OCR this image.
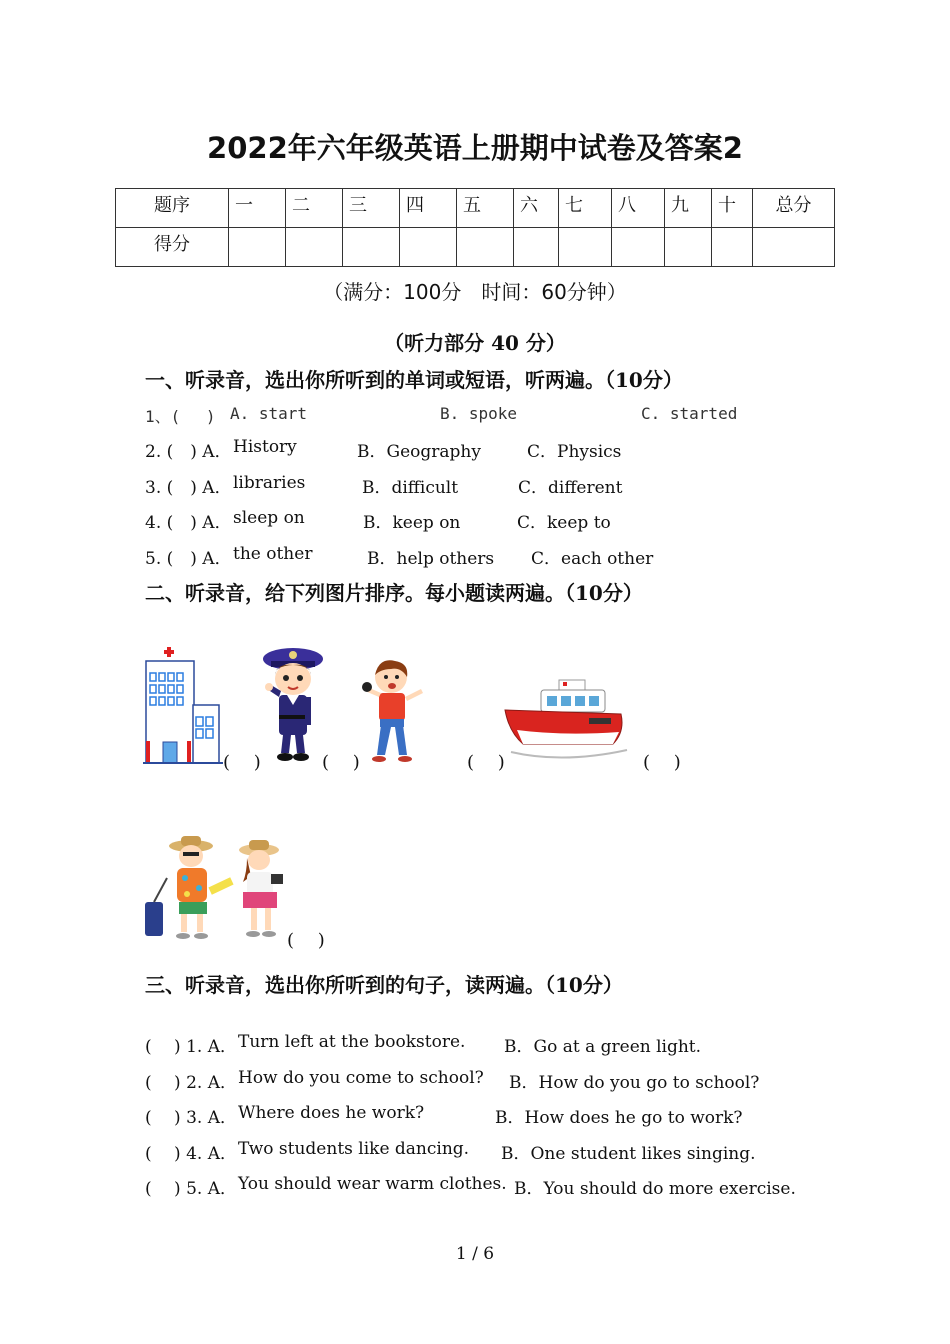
2022年六年级英语上册期中试卷及答案2
题序	一	二	三	四	五	六	七	八	九	十	总分
得分											
（满分：100分　时间：60分钟）
（听力部分 40 分）
一、听录音，选出你所听到的单词或短语，听两遍。（10分）
1、(　 ) A. start	B. spoke	C. started
2. (　) A． History	B．Geography	C．Physics
3. (　) A． libraries	B．difficult	C．different
4. (　) A． sleep on	B．keep on	C．keep to
5. (　) A． the other	B．help others C．each other
二、听录音，给下列图片排序。每小题读两遍。（10分）
(　 )	(　 )	(　 )	(　 )
(　 )
三、听录音，选出你所听到的句子，读两遍。（10分）
(　 ) 1. A． Turn left at the bookstore. B．Go at a green light.
(　 ) 2. A． How do you come to school? B．How do you go to school?
(　 ) 3. A． Where does he work?	B．How does he go to work?
(　 ) 4. A． Two students like dancing. B．One student likes singing.
(　 ) 5. A． You should wear warm clothes. B．You should do more exercise.
1 / 6
